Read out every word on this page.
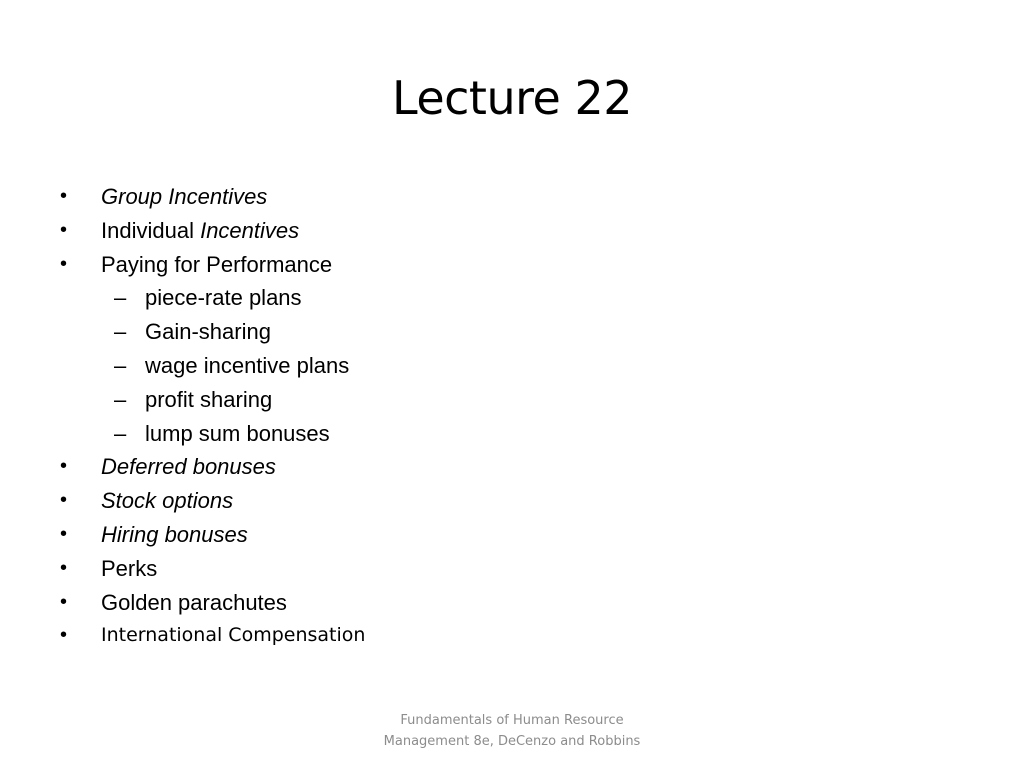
Lecture 22
• Group Incentives
• Individual Incentives
• Paying for Performance
– piece-rate plans
– Gain-sharing
– wage incentive plans
– profit sharing
– lump sum bonuses
• Deferred bonuses
• Stock options
• Hiring bonuses
• Perks
• Golden parachutes
• International Compensation
Fundamentals of Human Resource
Management 8e, DeCenzo and Robbins
